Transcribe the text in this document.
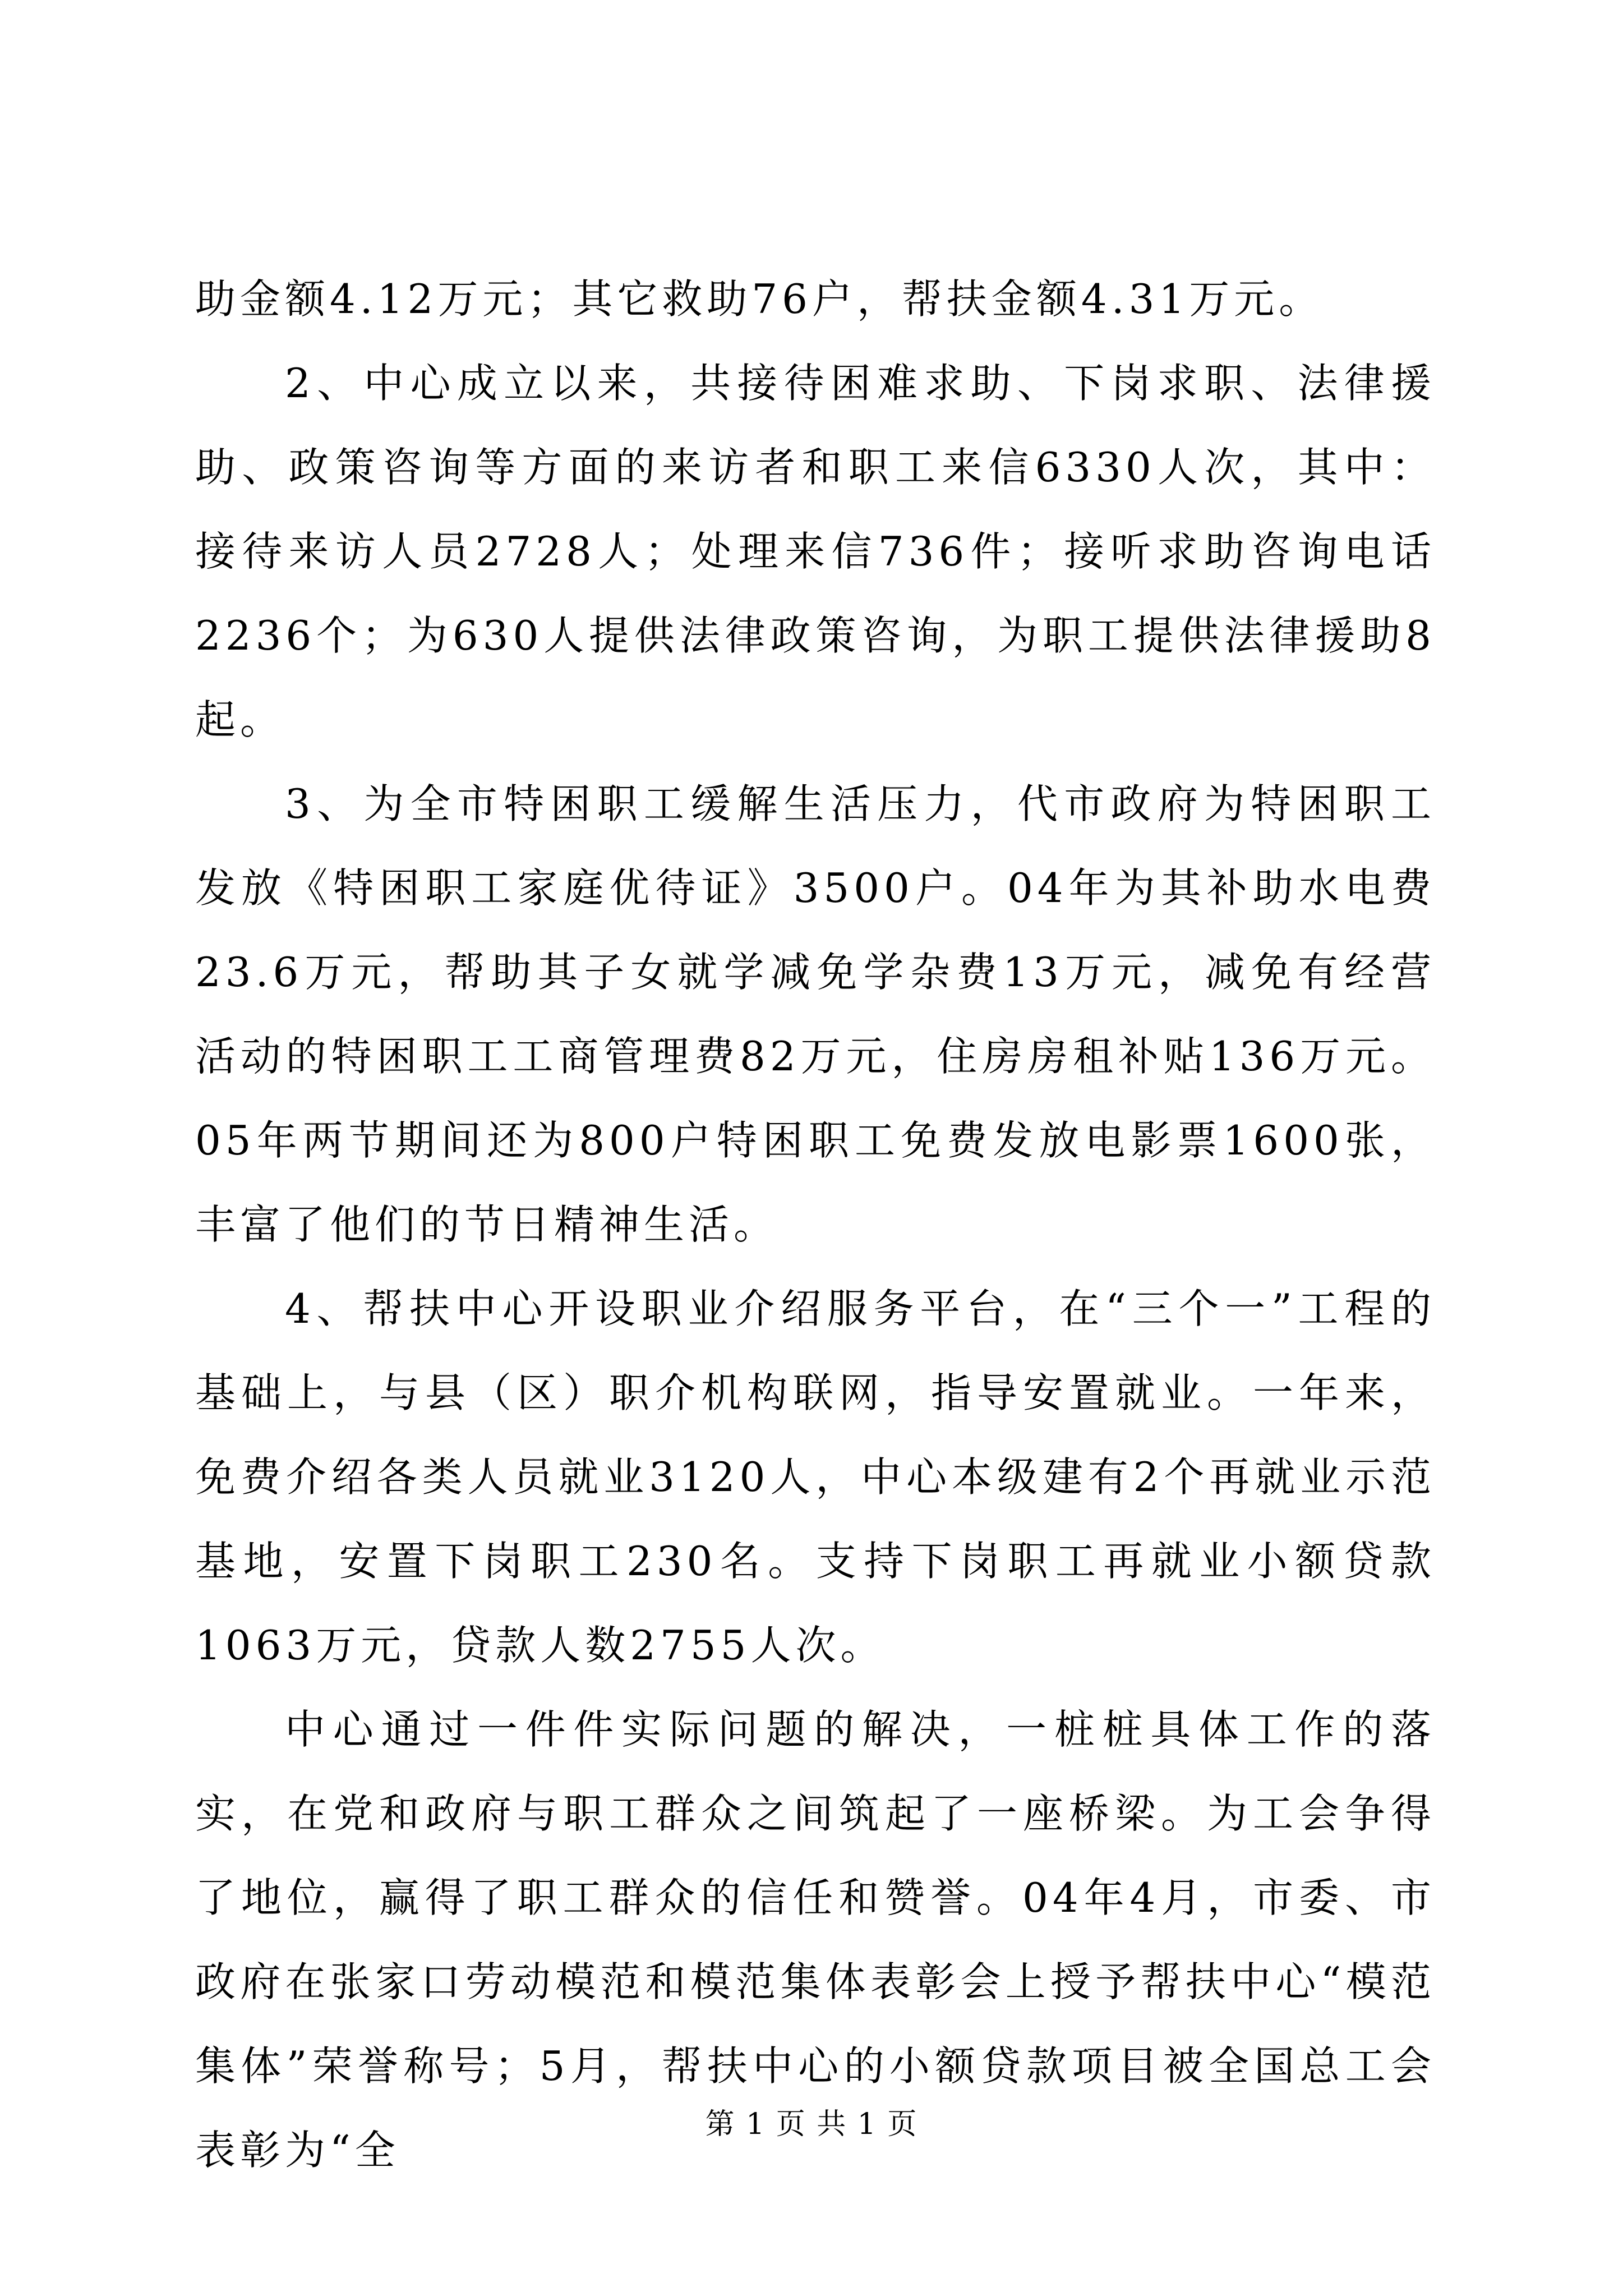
助金额4.12万元；其它救助76户，帮扶金额4.31万元。

2、中心成立以来，共接待困难求助、下岗求职、法律援助、政策咨询等方面的来访者和职工来信6330人次，其中：接待来访人员2728人；处理来信736件；接听求助咨询电话2236个；为630人提供法律政策咨询，为职工提供法律援助8起。

3、为全市特困职工缓解生活压力，代市政府为特困职工发放《特困职工家庭优待证》3500户。04年为其补助水电费23.6万元，帮助其子女就学减免学杂费13万元，减免有经营活动的特困职工工商管理费82万元，住房房租补贴136万元。05年两节期间还为800户特困职工免费发放电影票1600张，丰富了他们的节日精神生活。

4、帮扶中心开设职业介绍服务平台，在“三个一”工程的基础上，与县（区）职介机构联网，指导安置就业。一年来，免费介绍各类人员就业3120人，中心本级建有2个再就业示范基地，安置下岗职工230名。支持下岗职工再就业小额贷款1063万元，贷款人数2755人次。

中心通过一件件实际问题的解决，一桩桩具体工作的落实，在党和政府与职工群众之间筑起了一座桥梁。为工会争得了地位，赢得了职工群众的信任和赞誉。04年4月，市委、市政府在张家口劳动模范和模范集体表彰会上授予帮扶中心“模范集体”荣誉称号；5月，帮扶中心的小额贷款项目被全国总工会表彰为“全

第 1 页 共 1 页
